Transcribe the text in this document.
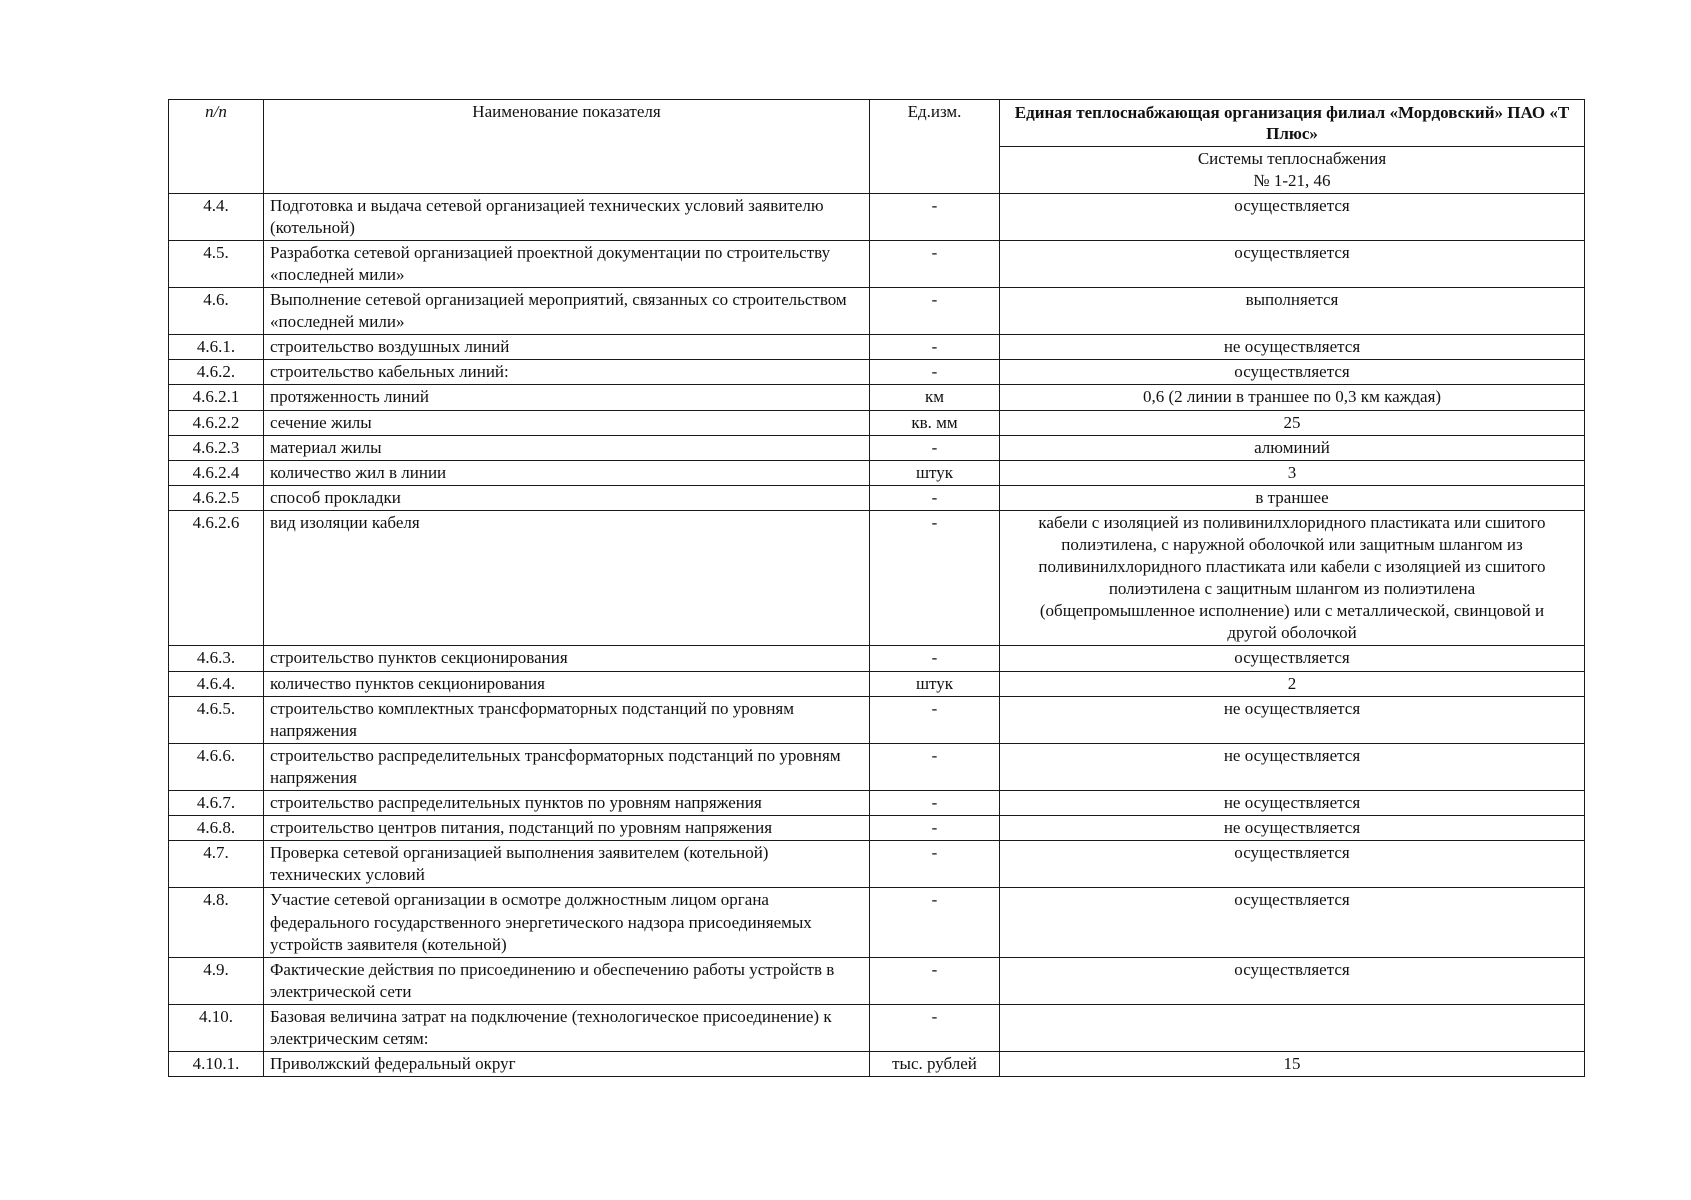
п/п	Наименование показателя	Ед.изм.	Единая теплоснабжающая организация филиал «Мордовский» ПАО «Т Плюс»
			Системы теплоснабжения
№ 1-21, 46
4.4.	Подготовка и выдача сетевой организацией технических условий заявителю (котельной)	-	осуществляется
4.5.	Разработка сетевой организацией проектной документации по строительству «последней мили»	-	осуществляется
4.6.	Выполнение сетевой организацией мероприятий, связанных со строительством «последней мили»	-	выполняется
4.6.1.	строительство воздушных линий	-	не осуществляется
4.6.2.	строительство кабельных линий:	-	осуществляется
4.6.2.1	протяженность линий	км	0,6 (2 линии в траншее по 0,3 км каждая)
4.6.2.2	сечение жилы	кв. мм	25
4.6.2.3	материал жилы	-	алюминий
4.6.2.4	количество жил в линии	штук	3
4.6.2.5	способ прокладки	-	в траншее
4.6.2.6	вид изоляции кабеля	-	кабели с изоляцией из поливинилхлоридного пластиката или сшитого полиэтилена, с наружной оболочкой или защитным шлангом из поливинилхлоридного пластиката или кабели с изоляцией из сшитого полиэтилена с защитным шлангом из полиэтилена (общепромышленное исполнение) или с металлической, свинцовой и другой оболочкой
4.6.3.	строительство пунктов секционирования	-	осуществляется
4.6.4.	количество пунктов секционирования	штук	2
4.6.5.	строительство комплектных трансформаторных подстанций по уровням напряжения	-	не осуществляется
4.6.6.	строительство распределительных трансформаторных подстанций по уровням напряжения	-	не осуществляется
4.6.7.	строительство распределительных пунктов по уровням напряжения	-	не осуществляется
4.6.8.	строительство центров питания, подстанций по уровням напряжения	-	не осуществляется
4.7.	Проверка сетевой организацией выполнения заявителем (котельной) технических условий	-	осуществляется
4.8.	Участие сетевой организации в осмотре должностным лицом органа федерального государственного энергетического надзора присоединяемых устройств заявителя (котельной)	-	осуществляется
4.9.	Фактические действия по присоединению и обеспечению работы устройств в электрической сети	-	осуществляется
4.10.	Базовая величина затрат на подключение (технологическое присоединение) к электрическим сетям:	-	
4.10.1.	Приволжский федеральный округ	тыс. рублей	15
